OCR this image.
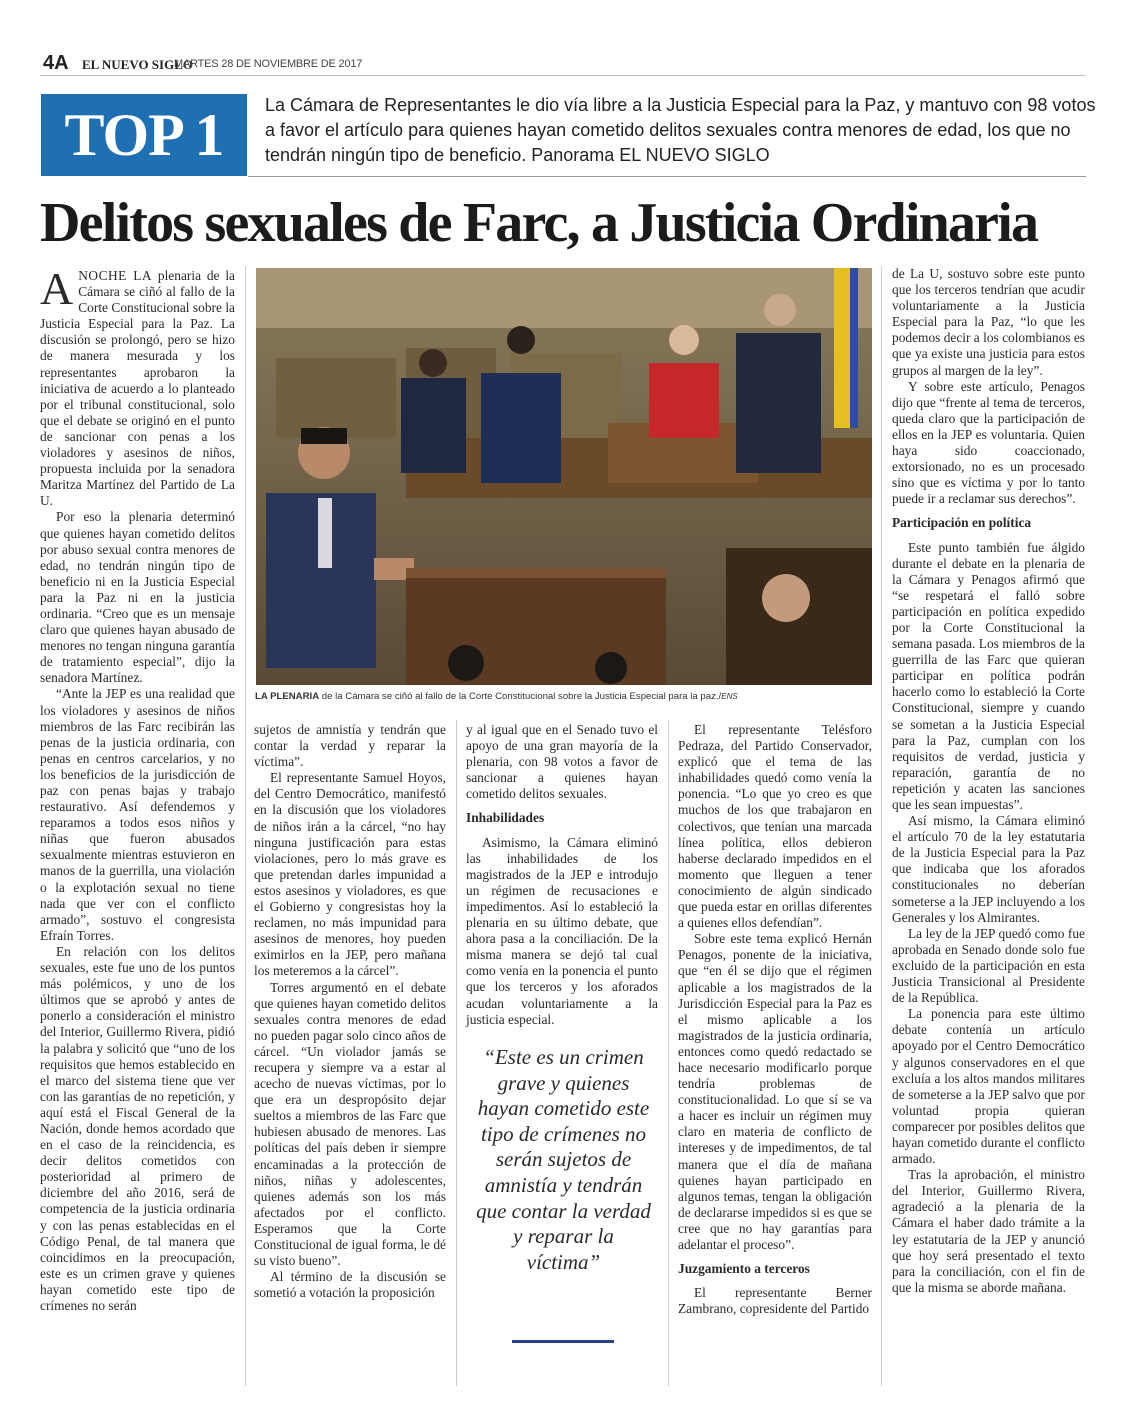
4A EL NUEVO SIGLO
MARTES 28 DE NOVIEMBRE DE 2017
TOP 1	La Cámara de Representantes le dio vía libre a la Justicia Especial para la Paz, y mantuvo con 98 votos a favor el artículo para quienes hayan cometido delitos sexuales contra menores de edad, los que no tendrán ningún tipo de beneficio. Panorama EL NUEVO SIGLO
Delitos sexuales de Farc, a Justicia Ordinaria

ANOCHE LA plenaria de la Cámara se ciñó al fallo de la Corte Constitucional sobre la Justicia Especial para la Paz. La discusión se prolongó, pero se hizo de manera mesurada y los representantes aprobaron la iniciativa de acuerdo a lo planteado por el tribunal constitucional, solo que el debate se originó en el punto de sancionar con penas a los violadores y asesinos de niños, propuesta incluida por la senadora Maritza Martínez del Partido de La U.

Por eso la plenaria determinó que quienes hayan cometido delitos por abuso sexual contra menores de edad, no tendrán ningún tipo de beneficio ni en la Justicia Especial para la Paz ni en la justicia ordinaria. “Creo que es un mensaje claro que quienes hayan abusado de menores no tengan ninguna garantía de tratamiento especial”, dijo la senadora Martínez.

“Ante la JEP es una realidad que los violadores y asesinos de niños miembros de las Farc recibirán las penas de la justicia ordinaria, con penas en centros carcelarios, y no los beneficios de la jurisdicción de paz con penas bajas y trabajo restaurativo. Así defendemos y reparamos a todos esos niños y niñas que fueron abusados sexualmente mientras estuvieron en manos de la guerrilla, una violación o la explotación sexual no tiene nada que ver con el conflicto armado”, sostuvo el congresista Efraín Torres.

En relación con los delitos sexuales, este fue uno de los puntos más polémicos, y uno de los últimos que se aprobó y antes de ponerlo a consideración el ministro del Interior, Guillermo Rivera, pidió la palabra y solicitó que “uno de los requisitos que hemos establecido en el marco del sistema tiene que ver con las garantías de no repetición, y aquí está el Fiscal General de la Nación, donde hemos acordado que en el caso de la reincidencia, es decir delitos cometidos con posterioridad al primero de diciembre del año 2016, será de competencia de la justicia ordinaria y con las penas establecidas en el Código Penal, de tal manera que coincidimos en la preocupación, este es un crimen grave y quienes hayan cometido este tipo de crímenes no serán

LA PLENARIA de la Cámara se ciñó al fallo de la Corte Constitucional sobre la Justicia Especial para la paz./ENS

sujetos de amnistía y tendrán que contar la verdad y reparar la víctima”.

El representante Samuel Hoyos, del Centro Democrático, manifestó en la discusión que los violadores de niños irán a la cárcel, “no hay ninguna justificación para estas violaciones, pero lo más grave es que pretendan darles impunidad a estos asesinos y violadores, es que el Gobierno y congresistas hoy la reclamen, no más impunidad para asesinos de menores, hoy pueden eximirlos en la JEP, pero mañana los meteremos a la cárcel”.

Torres argumentó en el debate que quienes hayan cometido delitos sexuales contra menores de edad no pueden pagar solo cinco años de cárcel. “Un violador jamás se recupera y siempre va a estar al acecho de nuevas víctimas, por lo que era un despropósito dejar sueltos a miembros de las Farc que hubiesen abusado de menores. Las políticas del país deben ir siempre encaminadas a la protección de niños, niñas y adolescentes, quienes además son los más afectados por el conflicto. Esperamos que la Corte Constitucional de igual forma, le dé su visto bueno”.

Al término de la discusión se sometió a votación la proposición

y al igual que en el Senado tuvo el apoyo de una gran mayoría de la plenaria, con 98 votos a favor de sancionar a quienes hayan cometido delitos sexuales.

Inhabilidades

Asimismo, la Cámara eliminó las inhabilidades de los magistrados de la JEP e introdujo un régimen de recusaciones e impedimentos. Así lo estableció la plenaria en su último debate, que ahora pasa a la conciliación. De la misma manera se dejó tal cual como venía en la ponencia el punto que los terceros y los aforados acudan voluntariamente a la justicia especial.

“Este es un crimen grave y quienes hayan cometido este tipo de crímenes no serán sujetos de amnistía y tendrán que contar la verdad y reparar la víctima”

El representante Telésforo Pedraza, del Partido Conservador, explicó que el tema de las inhabilidades quedó como venía la ponencia. “Lo que yo creo es que muchos de los que trabajaron en colectivos, que tenían una marcada línea política, ellos debieron haberse declarado impedidos en el momento que lleguen a tener conocimiento de algún sindicado que pueda estar en orillas diferentes a quienes ellos defendían”.

Sobre este tema explicó Hernán Penagos, ponente de la iniciativa, que “en él se dijo que el régimen aplicable a los magistrados de la Jurisdicción Especial para la Paz es el mismo aplicable a los magistrados de la justicia ordinaria, entonces como quedó redactado se hace necesario modificarlo porque tendría problemas de constitucionalidad. Lo que sí se va a hacer es incluir un régimen muy claro en materia de conflicto de intereses y de impedimentos, de tal manera que el día de mañana quienes hayan participado en algunos temas, tengan la obligación de declararse impedidos si es que se cree que no hay garantías para adelantar el proceso”.

Juzgamiento a terceros

El representante Berner Zambrano, copresidente del Partido

de La U, sostuvo sobre este punto que los terceros tendrían que acudir voluntariamente a la Justicia Especial para la Paz, “lo que les podemos decir a los colombianos es que ya existe una justicia para estos grupos al margen de la ley”.

Y sobre este artículo, Penagos dijo que “frente al tema de terceros, queda claro que la participación de ellos en la JEP es voluntaria. Quien haya sido coaccionado, extorsionado, no es un procesado sino que es víctima y por lo tanto puede ir a reclamar sus derechos”.

Participación en política

Este punto también fue álgido durante el debate en la plenaria de la Cámara y Penagos afirmó que “se respetará el falló sobre participación en política expedido por la Corte Constitucional la semana pasada. Los miembros de la guerrilla de las Farc que quieran participar en política podrán hacerlo como lo estableció la Corte Constitucional, siempre y cuando se sometan a la Justicia Especial para la Paz, cumplan con los requisitos de verdad, justicia y reparación, garantía de no repetición y acaten las sanciones que les sean impuestas”.

Así mismo, la Cámara eliminó el artículo 70 de la ley estatutaria de la Justicia Especial para la Paz que indicaba que los aforados constitucionales no deberían someterse a la JEP incluyendo a los Generales y los Almirantes.

La ley de la JEP quedó como fue aprobada en Senado donde solo fue excluido de la participación en esta Justicia Transicional al Presidente de la República.

La ponencia para este último debate contenía un artículo apoyado por el Centro Democrático y algunos conservadores en el que excluía a los altos mandos militares de someterse a la JEP salvo que por voluntad propia quieran comparecer por posibles delitos que hayan cometido durante el conflicto armado.

Tras la aprobación, el ministro del Interior, Guillermo Rivera, agradeció a la plenaria de la Cámara el haber dado trámite a la ley estatutaria de la JEP y anunció que hoy será presentado el texto para la conciliación, con el fin de que la misma se aborde mañana.
